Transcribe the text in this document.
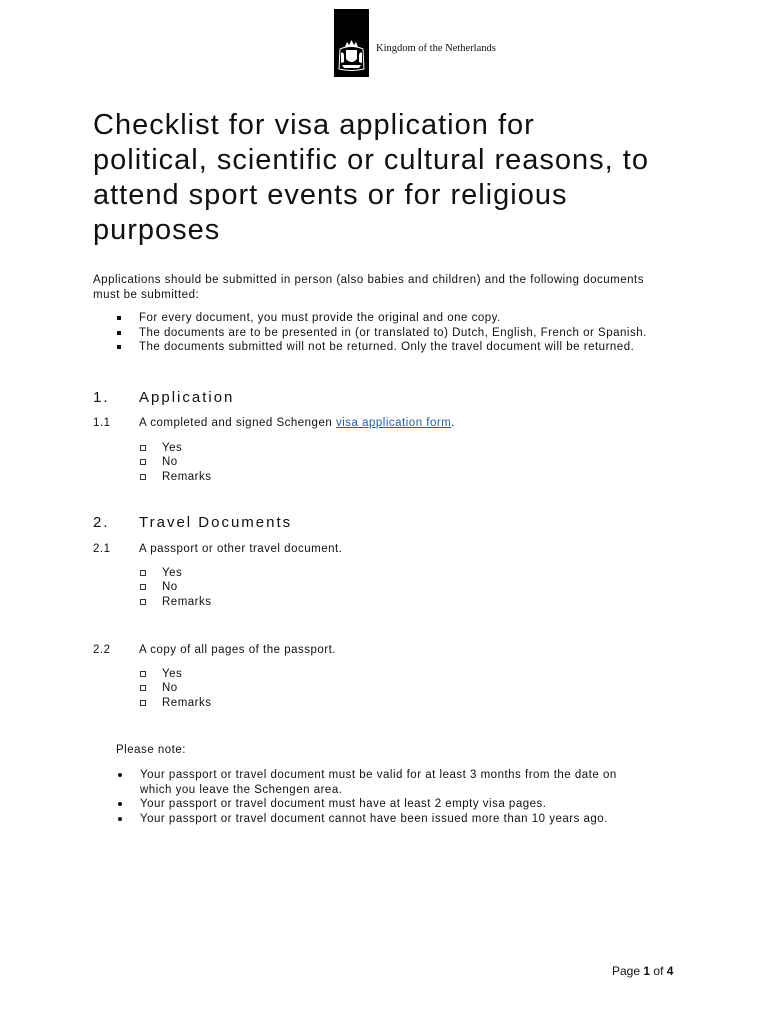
Kingdom of the Netherlands
Checklist for visa application for
political, scientific or cultural reasons, to
attend sport events or for religious
purposes
Applications should be submitted in person (also babies and children) and the following documents
must be submitted:
For every document, you must provide the original and one copy.
The documents are to be presented in (or translated to) Dutch, English, French or Spanish.
The documents submitted will not be returned. Only the travel document will be returned.
1. Application
1.1 A completed and signed Schengen visa application form.
Yes
No
Remarks
2. Travel Documents
2.1 A passport or other travel document.
Yes
No
Remarks
2.2 A copy of all pages of the passport.
Yes
No
Remarks
Please note:
Your passport or travel document must be valid for at least 3 months from the date on
which you leave the Schengen area.
Your passport or travel document must have at least 2 empty visa pages.
Your passport or travel document cannot have been issued more than 10 years ago.
Page 1 of 4
